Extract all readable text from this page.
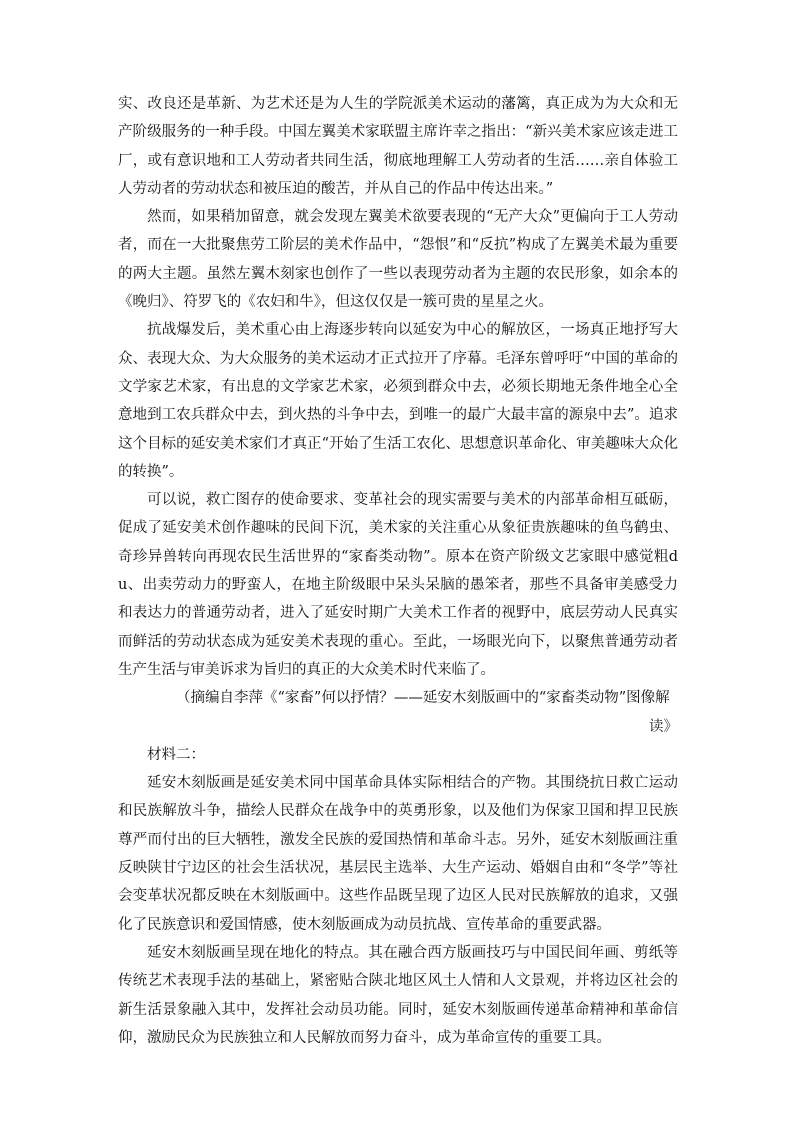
实、改良还是革新、为艺术还是为人生的学院派美术运动的藩篱，真正成为为大众和无产阶级服务的一种手段。中国左翼美术家联盟主席许幸之指出：“新兴美术家应该走进工厂，或有意识地和工人劳动者共同生活，彻底地理解工人劳动者的生活……亲自体验工人劳动者的劳动状态和被压迫的酸苦，并从自己的作品中传达出来。”

然而，如果稍加留意，就会发现左翼美术欲要表现的“无产大众”更偏向于工人劳动者，而在一大批聚焦劳工阶层的美术作品中，“怨恨”和“反抗”构成了左翼美术最为重要的两大主题。虽然左翼木刻家也创作了一些以表现劳动者为主题的农民形象，如余本的《晚归》、符罗飞的《农妇和牛》，但这仅仅是一簇可贵的星星之火。

抗战爆发后，美术重心由上海逐步转向以延安为中心的解放区，一场真正地抒写大众、表现大众、为大众服务的美术运动才正式拉开了序幕。毛泽东曾呼吁“中国的革命的文学家艺术家，有出息的文学家艺术家，必须到群众中去，必须长期地无条件地全心全意地到工农兵群众中去，到火热的斗争中去，到唯一的最广大最丰富的源泉中去”。追求这个目标的延安美术家们才真正“开始了生活工农化、思想意识革命化、审美趣味大众化的转换”。

可以说，救亡图存的使命要求、变革社会的现实需要与美术的内部革命相互砥砺，促成了延安美术创作趣味的民间下沉，美术家的关注重心从象征贵族趣味的鱼鸟鹤虫、奇珍异兽转向再现农民生活世界的“家畜类动物”。原本在资产阶级文艺家眼中感觉粗du、出卖劳动力的野蛮人，在地主阶级眼中呆头呆脑的愚笨者，那些不具备审美感受力和表达力的普通劳动者，进入了延安时期广大美术工作者的视野中，底层劳动人民真实而鲜活的劳动状态成为延安美术表现的重心。至此，一场眼光向下，以聚焦普通劳动者生产生活与审美诉求为旨归的真正的大众美术时代来临了。

（摘编自李萍《“家畜”何以抒情？——延安木刻版画中的“家畜类动物”图像解
读》

材料二：

延安木刻版画是延安美术同中国革命具体实际相结合的产物。其围绕抗日救亡运动和民族解放斗争，描绘人民群众在战争中的英勇形象，以及他们为保家卫国和捍卫民族尊严而付出的巨大牺牲，激发全民族的爱国热情和革命斗志。另外，延安木刻版画注重反映陕甘宁边区的社会生活状况，基层民主选举、大生产运动、婚姻自由和“冬学”等社会变革状况都反映在木刻版画中。这些作品既呈现了边区人民对民族解放的追求，又强化了民族意识和爱国情感，使木刻版画成为动员抗战、宣传革命的重要武器。

延安木刻版画呈现在地化的特点。其在融合西方版画技巧与中国民间年画、剪纸等传统艺术表现手法的基础上，紧密贴合陕北地区风土人情和人文景观，并将边区社会的新生活景象融入其中，发挥社会动员功能。同时，延安木刻版画传递革命精神和革命信仰，激励民众为民族独立和人民解放而努力奋斗，成为革命宣传的重要工具。
